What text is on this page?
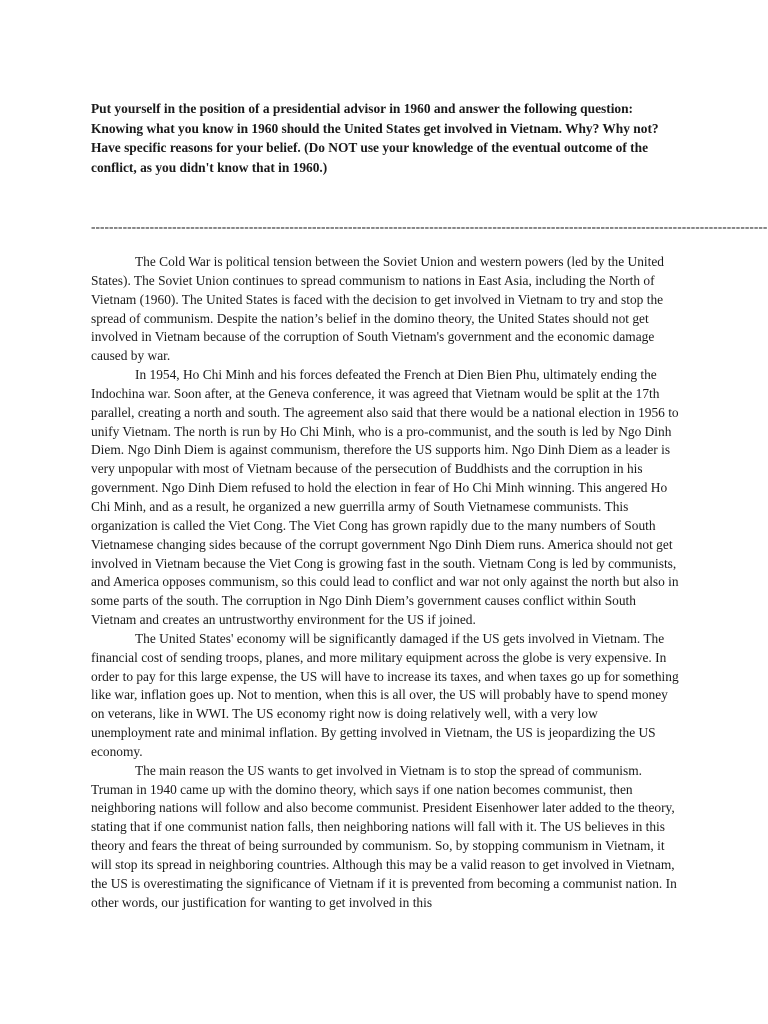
Put yourself in the position of a presidential advisor in 1960 and answer the following question: Knowing what you know in 1960 should the United States get involved in Vietnam. Why? Why not? Have specific reasons for your belief. (Do NOT use your knowledge of the eventual outcome of the conflict, as you didn't know that in 1960.)

------------------------------------------------------------------------------------------------------------------------------------------------------

The Cold War is political tension between the Soviet Union and western powers (led by the United States). The Soviet Union continues to spread communism to nations in East Asia, including the North of Vietnam (1960). The United States is faced with the decision to get involved in Vietnam to try and stop the spread of communism. Despite the nation’s belief in the domino theory, the United States should not get involved in Vietnam because of the corruption of South Vietnam's government and the economic damage caused by war.

In 1954, Ho Chi Minh and his forces defeated the French at Dien Bien Phu, ultimately ending the Indochina war. Soon after, at the Geneva conference, it was agreed that Vietnam would be split at the 17th parallel, creating a north and south. The agreement also said that there would be a national election in 1956 to unify Vietnam. The north is run by Ho Chi Minh, who is a pro-communist, and the south is led by Ngo Dinh Diem. Ngo Dinh Diem is against communism, therefore the US supports him. Ngo Dinh Diem as a leader is very unpopular with most of Vietnam because of the persecution of Buddhists and the corruption in his government. Ngo Dinh Diem refused to hold the election in fear of Ho Chi Minh winning. This angered Ho Chi Minh, and as a result, he organized a new guerrilla army of South Vietnamese communists. This organization is called the Viet Cong. The Viet Cong has grown rapidly due to the many numbers of South Vietnamese changing sides because of the corrupt government Ngo Dinh Diem runs. America should not get involved in Vietnam because the Viet Cong is growing fast in the south. Vietnam Cong is led by communists, and America opposes communism, so this could lead to conflict and war not only against the north but also in some parts of the south. The corruption in Ngo Dinh Diem’s government causes conflict within South Vietnam and creates an untrustworthy environment for the US if joined.

The United States' economy will be significantly damaged if the US gets involved in Vietnam. The financial cost of sending troops, planes, and more military equipment across the globe is very expensive. In order to pay for this large expense, the US will have to increase its taxes, and when taxes go up for something like war, inflation goes up. Not to mention, when this is all over, the US will probably have to spend money on veterans, like in WWI. The US economy right now is doing relatively well, with a very low unemployment rate and minimal inflation. By getting involved in Vietnam, the US is jeopardizing the US economy.

The main reason the US wants to get involved in Vietnam is to stop the spread of communism. Truman in 1940 came up with the domino theory, which says if one nation becomes communist, then neighboring nations will follow and also become communist. President Eisenhower later added to the theory, stating that if one communist nation falls, then neighboring nations will fall with it. The US believes in this theory and fears the threat of being surrounded by communism. So, by stopping communism in Vietnam, it will stop its spread in neighboring countries. Although this may be a valid reason to get involved in Vietnam, the US is overestimating the significance of Vietnam if it is prevented from becoming a communist nation. In other words, our justification for wanting to get involved in this
